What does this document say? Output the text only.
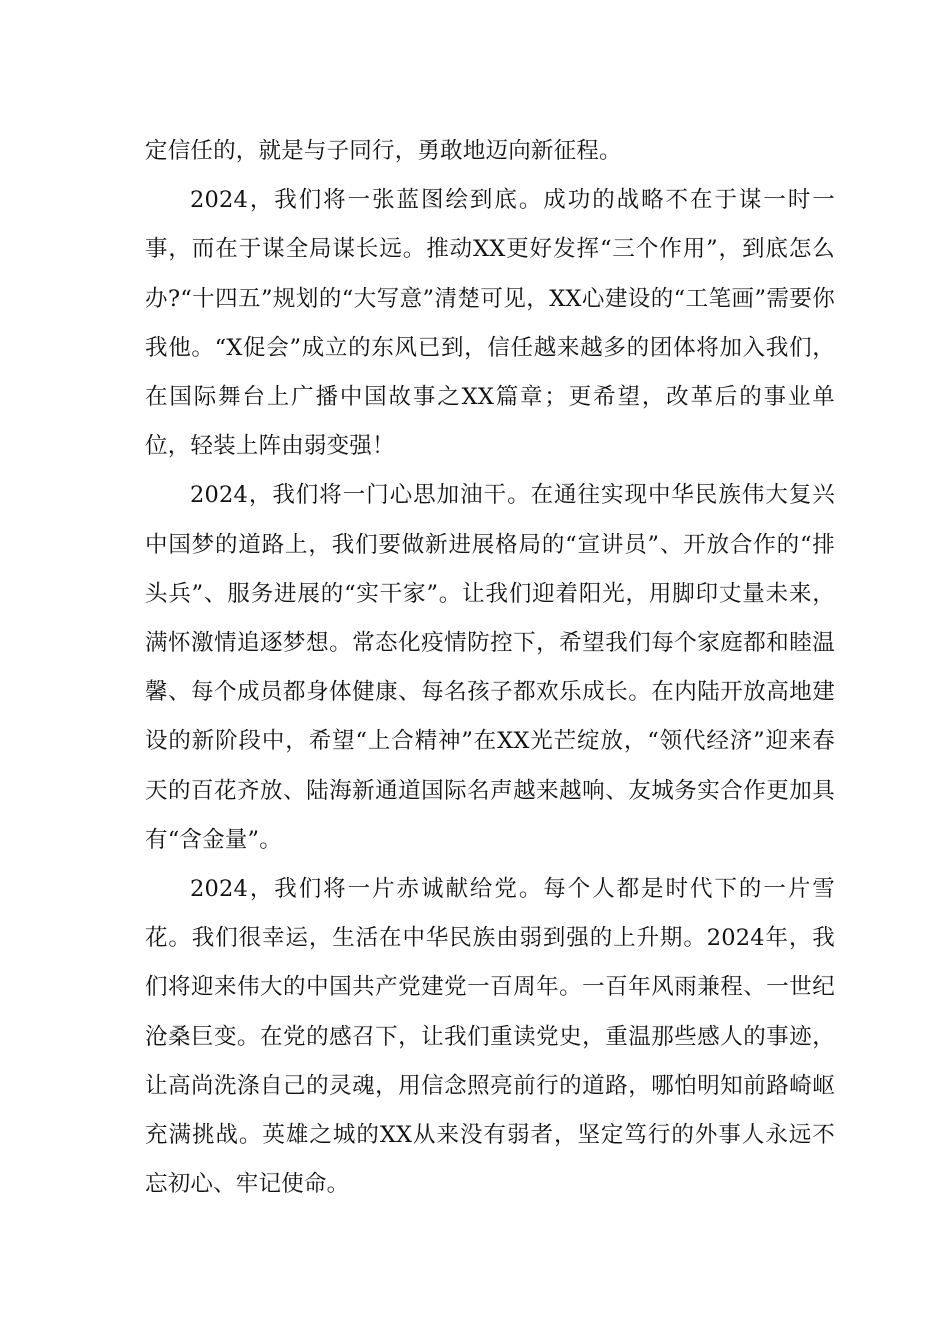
定信任的，就是与子同行，勇敢地迈向新征程。

2024，我们将一张蓝图绘到底。成功的战略不在于谋一时一事，而在于谋全局谋长远。推动XX更好发挥“三个作用”，到底怎么办?“十四五”规划的“大写意”清楚可见，XX心建设的“工笔画”需要你我他。“X促会”成立的东风已到，信任越来越多的团体将加入我们，在国际舞台上广播中国故事之XX篇章；更希望，改革后的事业单位，轻装上阵由弱变强！

2024，我们将一门心思加油干。在通往实现中华民族伟大复兴中国梦的道路上，我们要做新进展格局的“宣讲员”、开放合作的“排头兵”、服务进展的“实干家”。让我们迎着阳光，用脚印丈量未来，满怀激情追逐梦想。常态化疫情防控下，希望我们每个家庭都和睦温馨、每个成员都身体健康、每名孩子都欢乐成长。在内陆开放高地建设的新阶段中，希望“上合精神”在XX光芒绽放，“领代经济”迎来春天的百花齐放、陆海新通道国际名声越来越响、友城务实合作更加具有“含金量”。

2024，我们将一片赤诚献给党。每个人都是时代下的一片雪花。我们很幸运，生活在中华民族由弱到强的上升期。2024年，我们将迎来伟大的中国共产党建党一百周年。一百年风雨兼程、一世纪沧桑巨变。在党的感召下，让我们重读党史，重温那些感人的事迹，让高尚洗涤自己的灵魂，用信念照亮前行的道路，哪怕明知前路崎岖充满挑战。英雄之城的XX从来没有弱者，坚定笃行的外事人永远不忘初心、牢记使命。
